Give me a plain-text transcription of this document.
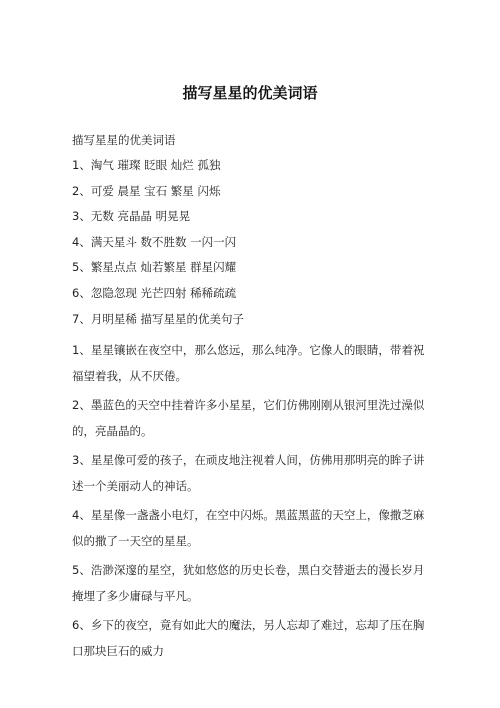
描写星星的优美词语

描写星星的优美词语

1、淘气 璀璨 眨眼 灿烂 孤独

2、可爱 晨星 宝石 繁星 闪烁

3、无数 亮晶晶 明晃晃

4、满天星斗 数不胜数 一闪一闪

5、繁星点点 灿若繁星 群星闪耀

6、忽隐忽现 光芒四射 稀稀疏疏

7、月明星稀 描写星星的优美句子

1、星星镶嵌在夜空中，那么悠远，那么纯净。它像人的眼睛，带着祝福望着我，从不厌倦。

2、墨蓝色的天空中挂着许多小星星，它们仿佛刚刚从银河里洗过澡似的，亮晶晶的。

3、星星像可爱的孩子，在顽皮地注视着人间，仿佛用那明亮的眸子讲述一个美丽动人的神话。

4、星星像一盏盏小电灯，在空中闪烁。黑蓝黑蓝的天空上，像撒芝麻似的撒了一天空的星星。

5、浩渺深邃的星空，犹如悠悠的历史长卷，黑白交替逝去的漫长岁月掩埋了多少庸碌与平凡。

6、乡下的夜空，竟有如此大的魔法，另人忘却了难过，忘却了压在胸口那块巨石的威力
